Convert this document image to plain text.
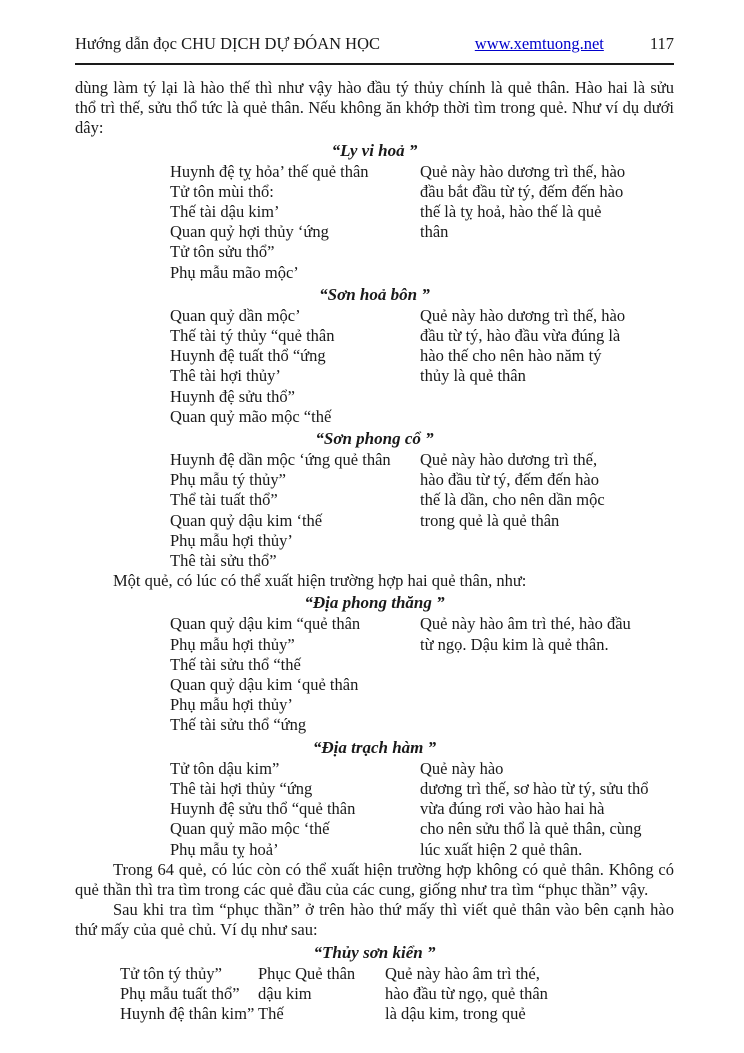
Hướng dẫn đọc CHU DỊCH DỰ ĐÓAN HỌC	www.xemtuong.net	117

dùng làm tý lại là hào thế thì như vậy hào đầu tý thủy chính là quẻ thân. Hào hai là sửu thổ trì thế, sửu thổ tức là quẻ thân. Nếu không ăn khớp thời tìm trong quẻ. Như ví dụ dưới dây:

“Ly vi hoả ”
Huynh đệ tỵ hỏa’ thế quẻ thân
Tử tôn mùi thổ:
Thế tài dậu kim’
Quan quỷ hợi thủy ‘ứng
Tử tôn sửu thổ”
Phụ mẫu mão mộc’
Quẻ này hào dương trì thế, hào
đầu bắt đầu từ tý, đếm đến hào
thế là tỵ hoả, hào thế là quẻ
thân
“Sơn hoả bôn ”
Quan quỷ dần mộc’
Thế tài tý thủy “quẻ thân
Huynh đệ tuất thổ “ứng
Thê tài hợi thủy’
Huynh đệ sửu thổ”
Quan quỷ mão mộc “thế
Quẻ này hào dương trì thế, hào
đầu từ tý, hào đầu vừa đúng là
hào thế cho nên hào năm tý
thủy là quẻ thân
“Sơn phong cổ ”
Huynh đệ dần mộc ‘ứng quẻ thân
Phụ mẫu tý thủy”
Thể tài tuất thổ”
Quan quỷ dậu kim ‘thế
Phụ mẫu hợi thủy’
Thê tài sửu thổ”
Quẻ này hào dương trì thế,
hào đầu từ tý, đếm đến hào
thế là dần, cho nên dần mộc
trong quẻ là quẻ thân

Một quẻ, có lúc có thể xuất hiện trường hợp hai quẻ thân, như:

“Địa phong thăng ”
Quan quỷ dậu kim “quẻ thân
Phụ mẫu hợi thủy”
Thế tài sửu thổ “thế
Quan quỷ dậu kim ‘quẻ thân
Phụ mẫu hợi thủy’
Thế tài sửu thổ “ứng
Quẻ này hào âm trì thé, hào đầu
từ ngọ. Dậu kim là quẻ thân.
“Địa trạch hàm ”
Tử tôn dậu kim”
Thê tài hợi thủy “ứng
Huynh đệ sửu thổ “quẻ thân
Quan quỷ mão mộc ‘thế
Phụ mẫu tỵ hoả’
Quẻ này hào
dương trì thế, sơ hào từ tý, sửu thổ
vừa đúng rơi vào hào hai hà
cho nên sửu thổ là quẻ thân, cùng
lúc xuất hiện 2 quẻ thân.

Trong 64 quẻ, có lúc còn có thể xuất hiện trường hợp không có quẻ thân. Không có quẻ thần thì tra tìm trong các quẻ đầu của các cung, giống như tra tìm “phục thần” vậy.

Sau khi tra tìm “phục thần” ở trên hào thứ mấy thì viết quẻ thân vào bên cạnh hào thứ mấy của quẻ chủ. Ví dụ như sau:

“Thủy sơn kiển ”
Tử tôn tý thủy”
Phụ mẫu tuất thổ”
Huynh đệ thân kim”
Phục Quẻ thân
dậu kim
Thế
Quẻ này hào âm trì thé,
hào đầu từ ngọ, quẻ thân
là dậu kim, trong quẻ
